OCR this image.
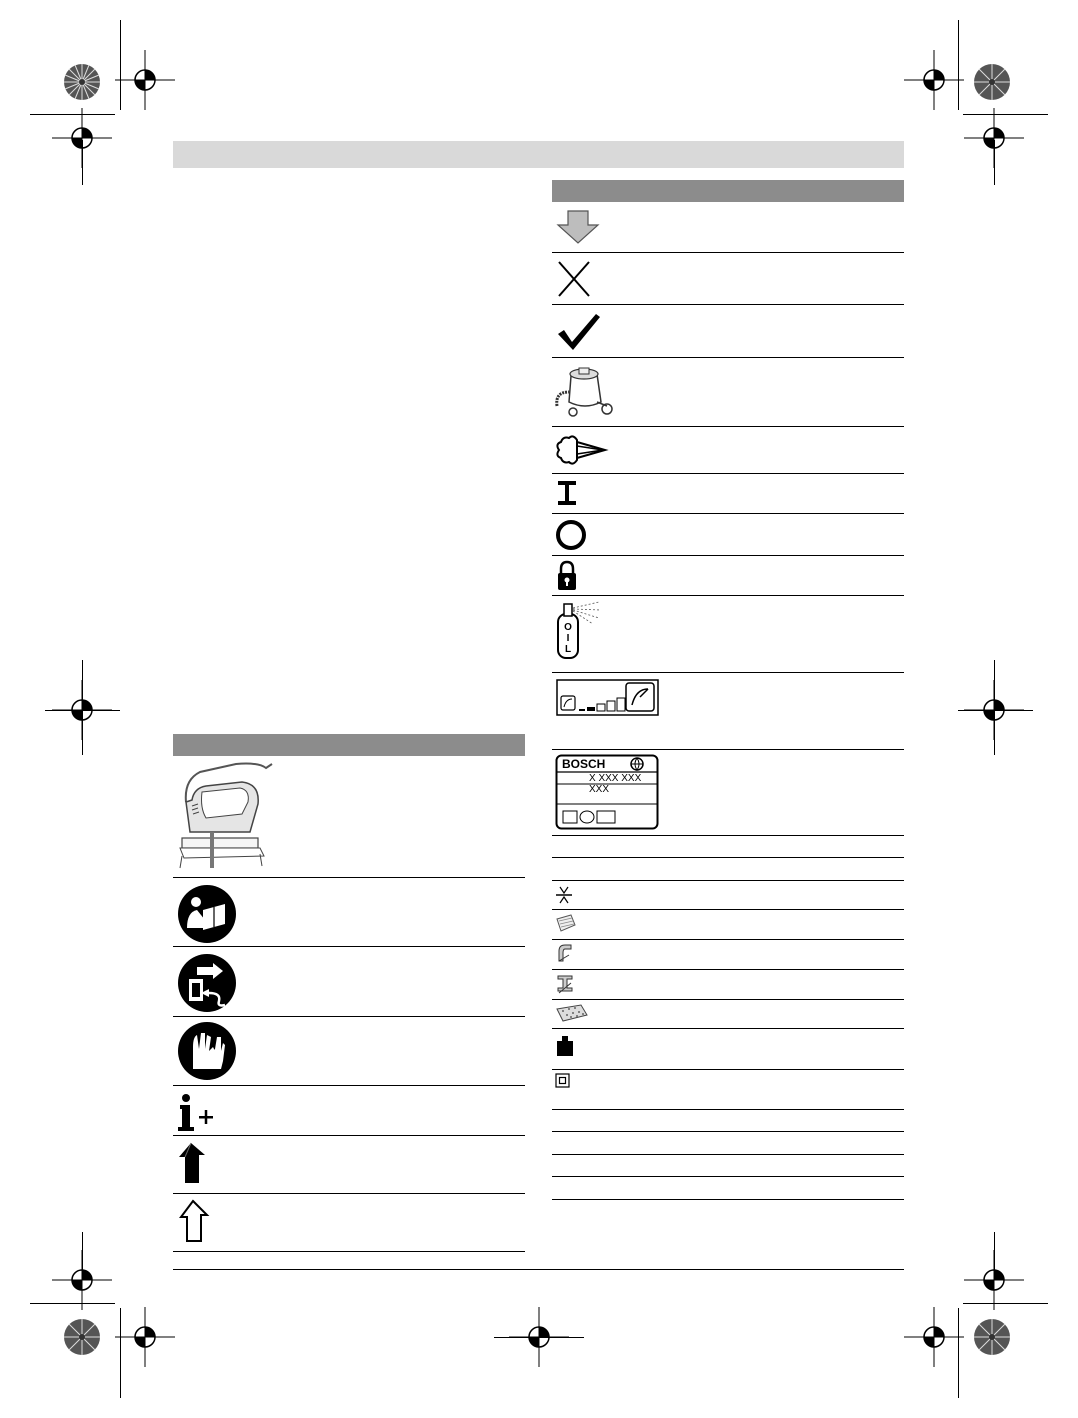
O I L
BOSCH
X XXX XXX XXX
